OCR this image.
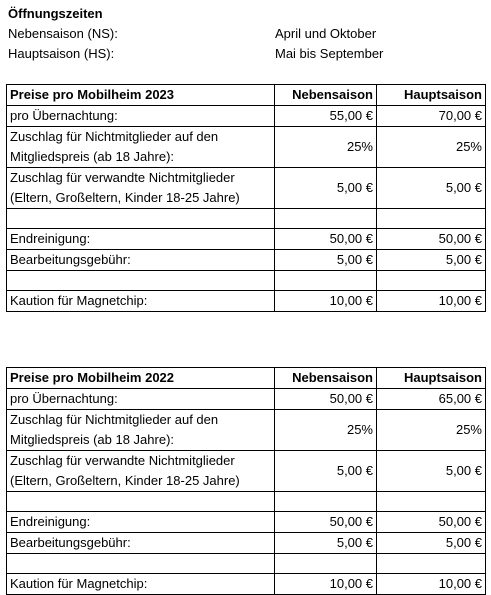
Öffnungszeiten
Nebensaison (NS):	April und Oktober
Hauptsaison (HS):	Mai bis September
Preise pro Mobilheim 2023	Nebensaison	Hauptsaison
pro Übernachtung:	55,00 €	70,00 €

Zuschlag für Nichtmitglieder auf den
Mitgliedspreis (ab 18 Jahre):	25%	25%

Zuschlag für verwandte Nichtmitglieder
(Eltern, Großeltern, Kinder 18-25 Jahre)	5,00 €	5,00 €

Endreinigung:	50,00 €	50,00 €
Bearbeitungsgebühr:	5,00 €	5,00 €

Kaution für Magnetchip:	10,00 €	10,00 €
Preise pro Mobilheim 2022	Nebensaison	Hauptsaison
pro Übernachtung:	50,00 €	65,00 €

Zuschlag für Nichtmitglieder auf den
Mitgliedspreis (ab 18 Jahre):	25%	25%

Zuschlag für verwandte Nichtmitglieder
(Eltern, Großeltern, Kinder 18-25 Jahre)	5,00 €	5,00 €

Endreinigung:	50,00 €	50,00 €
Bearbeitungsgebühr:	5,00 €	5,00 €

Kaution für Magnetchip:	10,00 €	10,00 €
